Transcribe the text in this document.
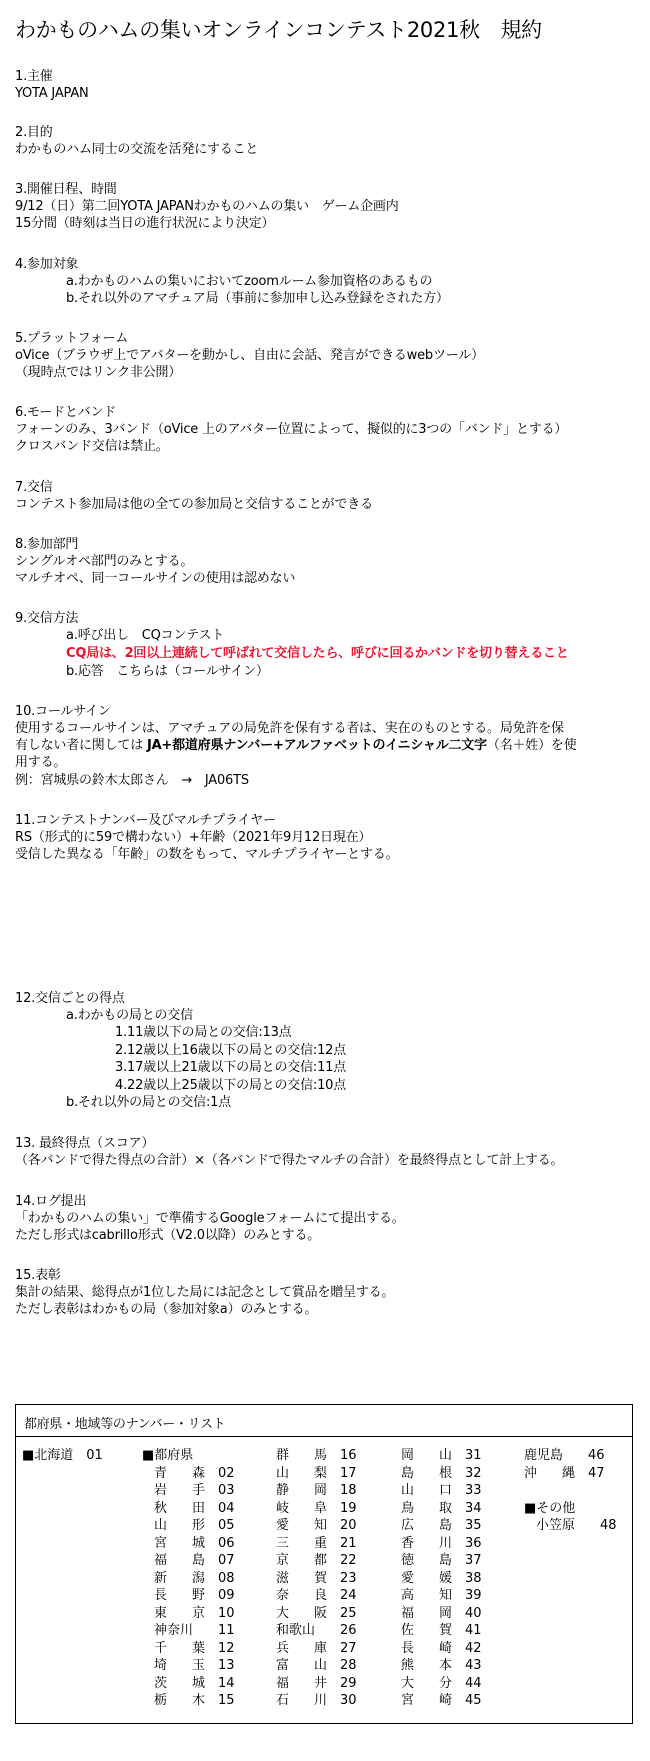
わかものハムの集いオンラインコンテスト2021秋　規約
1.主催
YOTA JAPAN
2.目的
わかものハム同士の交流を活発にすること
3.開催日程、時間
9/12（日）第二回YOTA JAPANわかものハムの集い　ゲーム企画内
15分間（時刻は当日の進行状況により決定）
4.参加対象
a.わかものハムの集いにおいてzoomルーム参加資格のあるもの
b.それ以外のアマチュア局（事前に参加申し込み登録をされた方）
5.プラットフォーム
oVice（ブラウザ上でアバターを動かし、自由に会話、発言ができるwebツール）
（現時点ではリンク非公開）
6.モードとバンド
フォーンのみ、3バンド（oVice 上のアバター位置によって、擬似的に3つの「バンド」とする）
クロスバンド交信は禁止。
7.交信
コンテスト参加局は他の全ての参加局と交信することができる
8.参加部門
シングルオペ部門のみとする。
マルチオペ、同一コールサインの使用は認めない
9.交信方法
a.呼び出し　CQコンテスト
CQ局は、2回以上連続して呼ばれて交信したら、呼びに回るかバンドを切り替えること
b.応答　こちらは（コールサイン）
10.コールサイン
使用するコールサインは、アマチュアの局免許を保有する者は、実在のものとする。局免許を保
有しない者に関しては JA+都道府県ナンバー+アルファベットのイニシャル二文字（名＋姓）を使
用する。
例：宮城県の鈴木太郎さん　→　JA06TS
11.コンテストナンバー及びマルチプライヤー
RS（形式的に59で構わない）+年齢（2021年9月12日現在）
受信した異なる「年齢」の数をもって、マルチプライヤーとする。
12.交信ごとの得点
a.わかもの局との交信
1.11歳以下の局との交信:13点
2.12歳以上16歳以下の局との交信:12点
3.17歳以上21歳以下の局との交信:11点
4.22歳以上25歳以下の局との交信:10点
b.それ以外の局との交信:1点
13. 最終得点（スコア）
（各バンドで得た得点の合計）×（各バンドで得たマルチの合計）を最終得点として計上する。
14.ログ提出
「わかものハムの集い」で準備するGoogleフォームにて提出する。
ただし形式はcabrillo形式（V2.0以降）のみとする。
15.表彰
集計の結果、総得点が1位した局には記念として賞品を贈呈する。
ただし表彰はわかもの局（参加対象a）のみとする。
都府県・地域等のナンバー・リスト
■北海道　01	■都府県
青　森 02
岩　手 03
秋　田 04
山　形 05
宮　城 06
福　島 07
新　潟 08
長　野 09
東　京 10
神奈川 11
千　葉 12
埼　玉 13
茨　城 14
栃　木 15
群　馬 16
山　梨 17
静　岡 18
岐　阜 19
愛　知 20
三　重 21
京　都 22
滋　賀 23
奈　良 24
大　阪 25
和歌山 26
兵　庫 27
富　山 28
福　井 29
石　川 30
岡　山 31
島　根 32
山　口 33
鳥　取 34
広　島 35
香　川 36
徳　島 37
愛　媛 38
高　知 39
福　岡 40
佐　賀 41
長　崎 42
熊　本 43
大　分 44
宮　崎 45
鹿児島 46
沖　縄 47
■その他
小笠原 48
